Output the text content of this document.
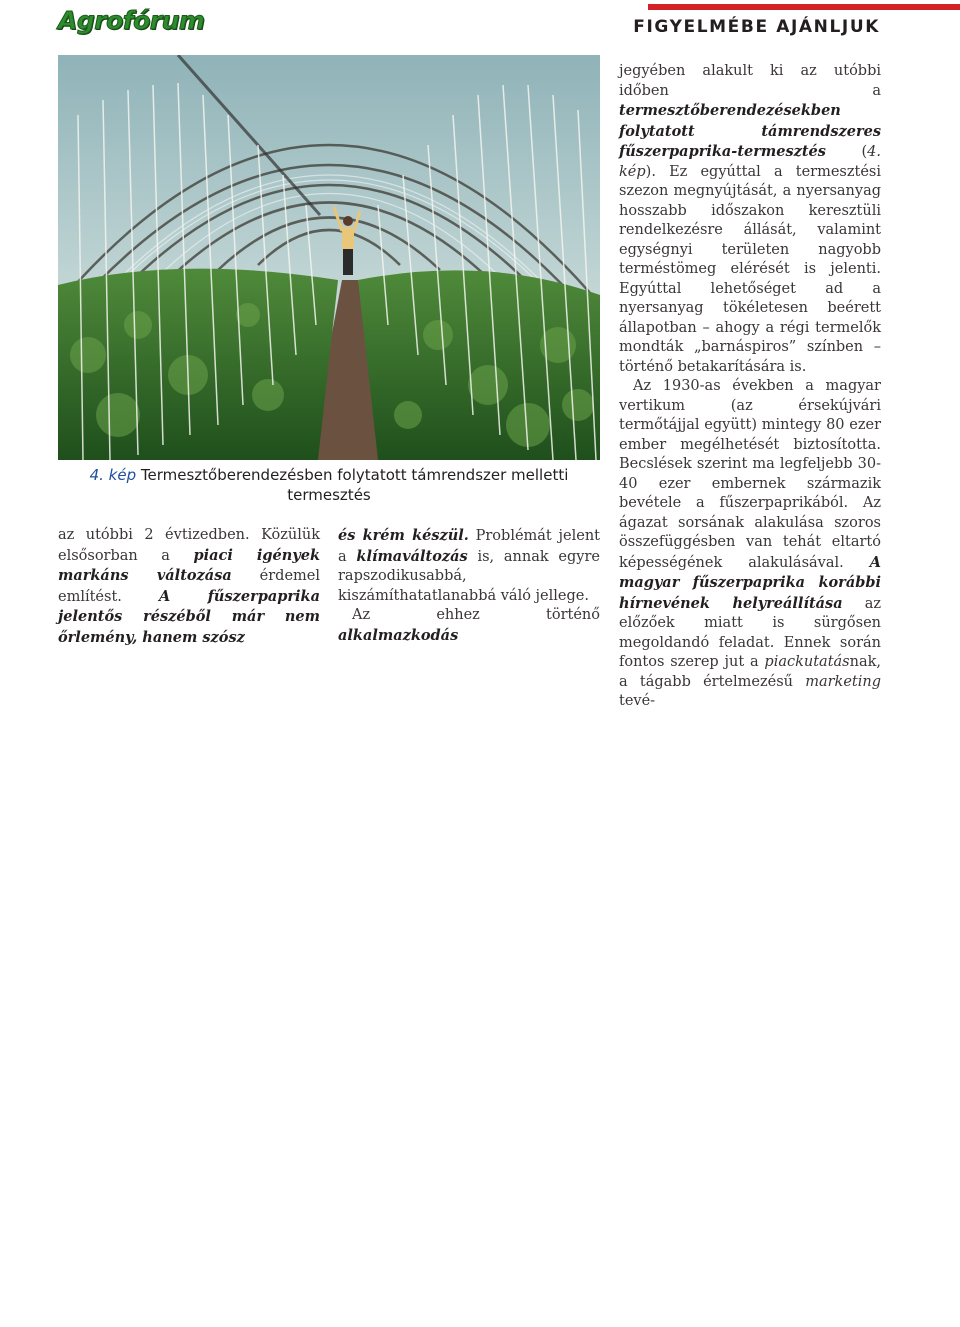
Agrofórum	FIGYELMÉBE AJÁNLJUK
4. kép Termesztőberendezésben folytatott támrendszer melletti termesztés

az utóbbi 2 évtizedben. Közülük elsősorban a piaci igények markáns változása érdemel említést. A fűszerpaprika jelentős részéből már nem őrlemény, hanem szósz

és krém készül. Problémát jelent a klímaváltozás is, annak egyre rapszodikusabbá, kiszámíthatatlanabbá váló jellege.

Az ehhez történő alkalmazkodás

jegyében alakult ki az utóbbi időben a termesztőberendezésekben folytatott támrendszeres fűszerpaprika-termesztés (4. kép). Ez egyúttal a termesztési szezon megnyújtását, a nyersanyag hosszabb időszakon keresztüli rendelkezésre állását, valamint egységnyi területen nagyobb terméstömeg elérését is jelenti. Egyúttal lehetőséget ad a nyersanyag tökéletesen beérett állapotban – ahogy a régi termelők mondták „barnáspiros” színben – történő betakarítására is.

Az 1930-as években a magyar vertikum (az érsekújvári termőtájjal együtt) mintegy 80 ezer ember megélhetését biztosította. Becslések szerint ma legfeljebb 30-40 ezer embernek származik bevétele a fűszerpaprikából. Az ágazat sorsának alakulása szoros összefüggésben van tehát eltartó képességének alakulásával. A magyar fűszerpaprika korábbi hírnevének helyreállítása az előzőek miatt is sürgősen megoldandó feladat. Ennek során fontos szerep jut a piackutatásnak, a tágabb értelmezésű marketing tevé-
